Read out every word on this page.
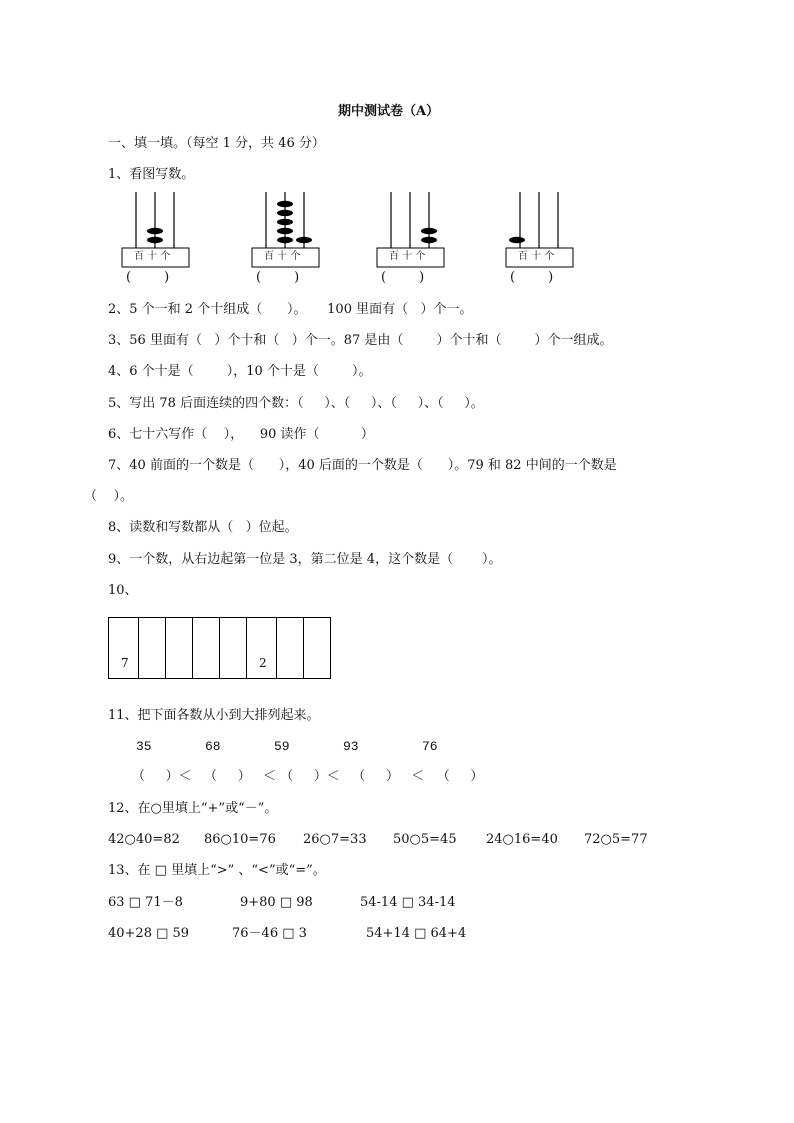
期中测试卷（A）
一、填一填。（每空 1 分，共 46 分）
1、看图写数。
百 十 个
(        )
百 十 个
(        )
百 十 个
(        )
百 十 个
(        )
2、5 个一和 2 个十组成（      ）。     100 里面有（   ）个一。
3、56 里面有（   ）个十和（   ）个一。87 是由（        ）个十和（        ）个一组成。
4、6 个十是（        ），10 个十是（        ）。
5、写出 78 后面连续的四个数：（     ）、（     ）、（     ）、（     ）。
6、七十六写作（    ），    90 读作（          ）
7、40 前面的一个数是（      ），40 后面的一个数是（      ）。79 和 82 中间的一个数是
（    ）。
8、读数和写数都从（   ）位起。
9、一个数，从右边起第一位是 3，第二位是 4，这个数是（       ）。
10、
7					2

11、把下面各数从小到大排列起来。
35	68	59	93	76
（     ）＜   （     ）   ＜ （     ）＜   （     ）   ＜   （     ）
12、在○里填上“+”或“－”。
42○40=82 86○10=76 26○7=33 50○5=45 24○16=40 72○5=77
13、在 □ 里填上“>” 、“<”或“=”。
63 □ 71－8	9+80 □ 98	54-14 □ 34-14
40+28 □ 59	76－46 □ 3	54+14 □ 64+4
